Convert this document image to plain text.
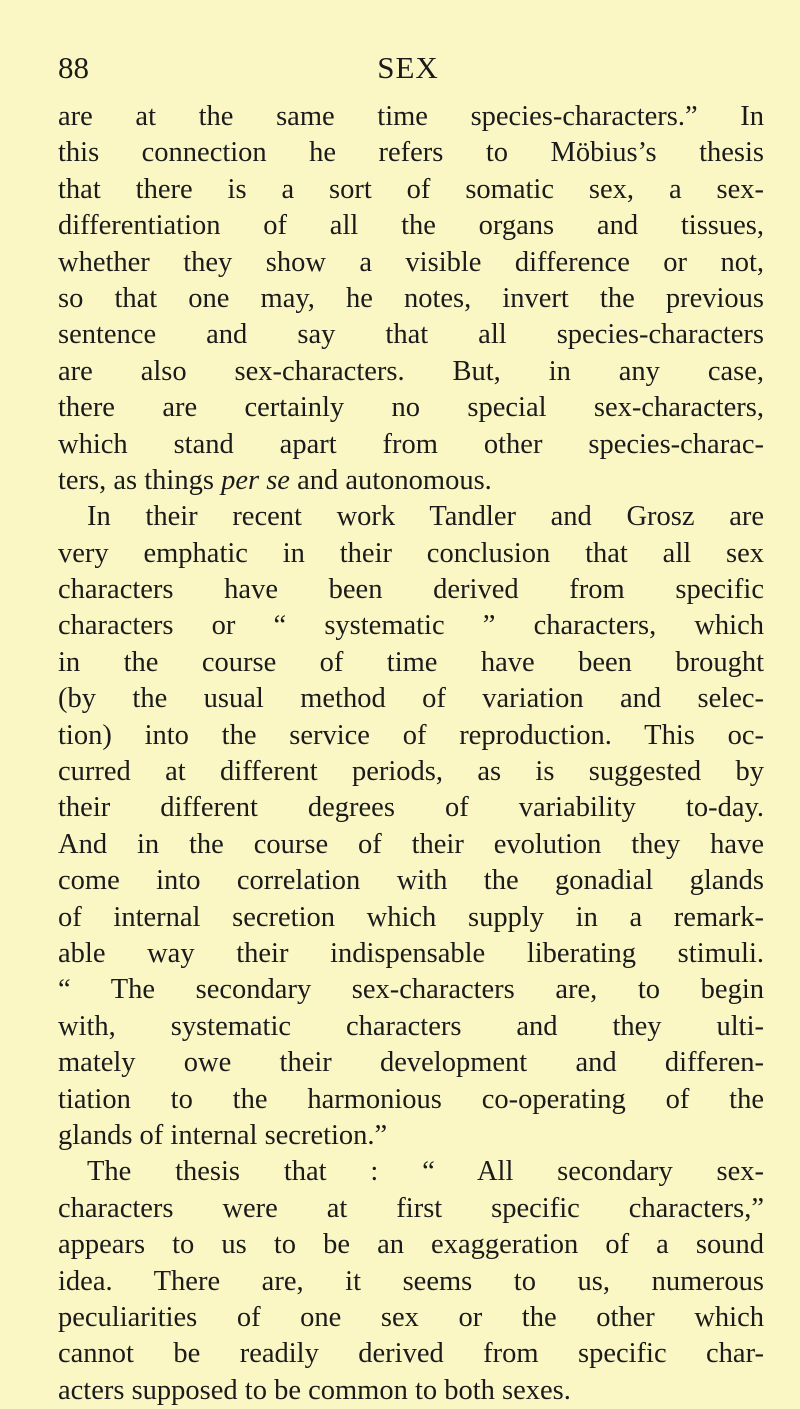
88	SEX
are at the same time species-characters.” In
this connection he refers to Möbius’s thesis
that there is a sort of somatic sex, a sex-
differentiation of all the organs and tissues,
whether they show a visible difference or not,
so that one may, he notes, invert the previous
sentence and say that all species-characters
are also sex-characters. But, in any case,
there are certainly no special sex-characters,
which stand apart from other species-charac-
ters, as things per se and autonomous.
In their recent work Tandler and Grosz are
very emphatic in their conclusion that all sex
characters have been derived from specific
characters or “ systematic ” characters, which
in the course of time have been brought
(by the usual method of variation and selec-
tion) into the service of reproduction. This oc-
curred at different periods, as is suggested by
their different degrees of variability to-day.
And in the course of their evolution they have
come into correlation with the gonadial glands
of internal secretion which supply in a remark-
able way their indispensable liberating stimuli.
“ The secondary sex-characters are, to begin
with, systematic characters and they ulti-
mately owe their development and differen-
tiation to the harmonious co-operating of the
glands of internal secretion.”
The thesis that : “ All secondary sex-
characters were at first specific characters,”
appears to us to be an exaggeration of a sound
idea. There are, it seems to us, numerous
peculiarities of one sex or the other which
cannot be readily derived from specific char-
acters supposed to be common to both sexes.
